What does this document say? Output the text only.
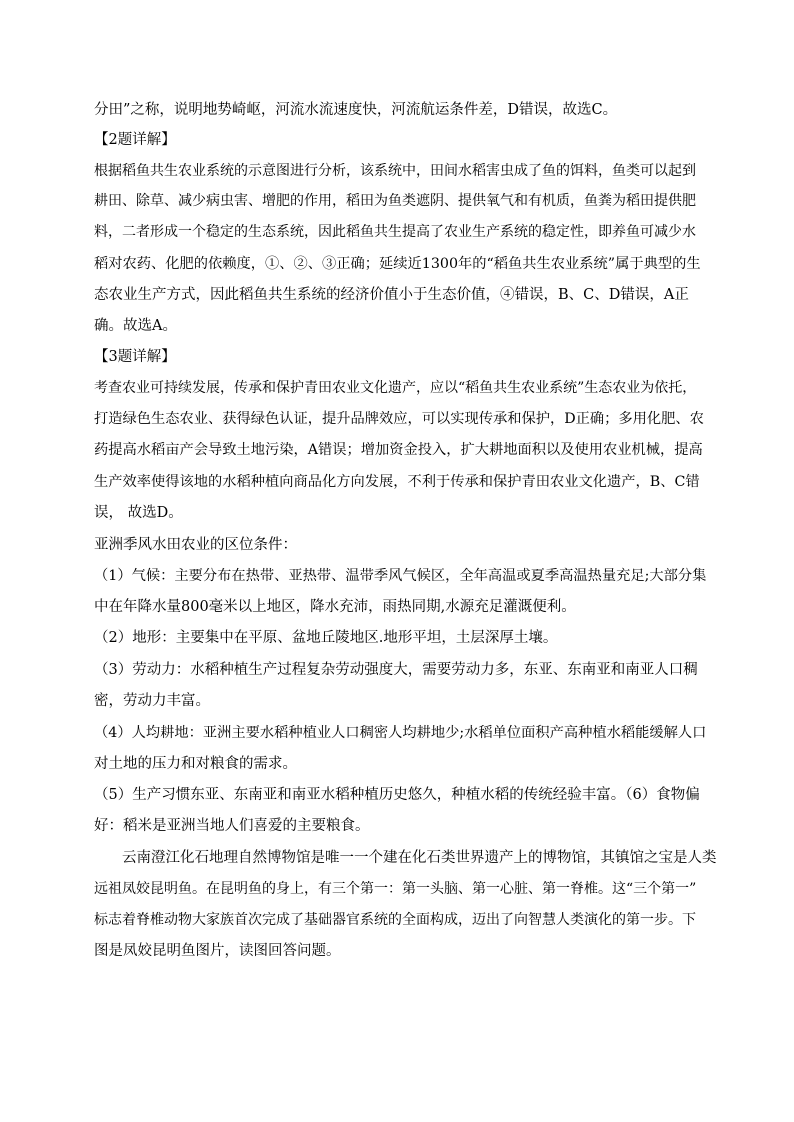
分田”之称，说明地势崎岖，河流水流速度快，河流航运条件差，D错误，故选C。
【2题详解】
根据稻鱼共生农业系统的示意图进行分析，该系统中，田间水稻害虫成了鱼的饵料，鱼类可以起到
耕田、除草、减少病虫害、增肥的作用，稻田为鱼类遮阴、提供氧气和有机质，鱼粪为稻田提供肥
料，二者形成一个稳定的生态系统，因此稻鱼共生提高了农业生产系统的稳定性，即养鱼可减少水
稻对农药、化肥的依赖度，①、②、③正确；延续近1300年的“稻鱼共生农业系统”属于典型的生
态农业生产方式，因此稻鱼共生系统的经济价值小于生态价值，④错误，B、C、D错误，A正
确。故选A。
【3题详解】
考查农业可持续发展，传承和保护青田农业文化遗产，应以“稻鱼共生农业系统”生态农业为依托，
打造绿色生态农业、获得绿色认证，提升品牌效应，可以实现传承和保护，D正确；多用化肥、农
药提高水稻亩产会导致土地污染，A错误；增加资金投入，扩大耕地面积以及使用农业机械，提高
生产效率使得该地的水稻种植向商品化方向发展，不利于传承和保护青田农业文化遗产，B、C错
误， 故选D。
亚洲季风水田农业的区位条件：
（1）气候：主要分布在热带、亚热带、温带季风气候区，全年高温或夏季高温热量充足;大部分集
中在年降水量800毫米以上地区，降水充沛，雨热同期,水源充足灌溉便利。
（2）地形：主要集中在平原、盆地丘陵地区.地形平坦，土层深厚土壤。
（3）劳动力：水稻种植生产过程复杂劳动强度大，需要劳动力多，东亚、东南亚和南亚人口稠
密，劳动力丰富。
（4）人均耕地：亚洲主要水稻种植业人口稠密人均耕地少;水稻单位面积产高种植水稻能缓解人口
对土地的压力和对粮食的需求。
（5）生产习惯东亚、东南亚和南亚水稻种植历史悠久，种植水稻的传统经验丰富。（6）食物偏
好：稻米是亚洲当地人们喜爱的主要粮食。
云南澄江化石地理自然博物馆是唯一一个建在化石类世界遗产上的博物馆，其镇馆之宝是人类
远祖凤姣昆明鱼。在昆明鱼的身上，有三个第一：第一头脑、第一心脏、第一脊椎。这“三个第一”
标志着脊椎动物大家族首次完成了基础器官系统的全面构成，迈出了向智慧人类演化的第一步。下
图是凤姣昆明鱼图片，读图回答问题。
